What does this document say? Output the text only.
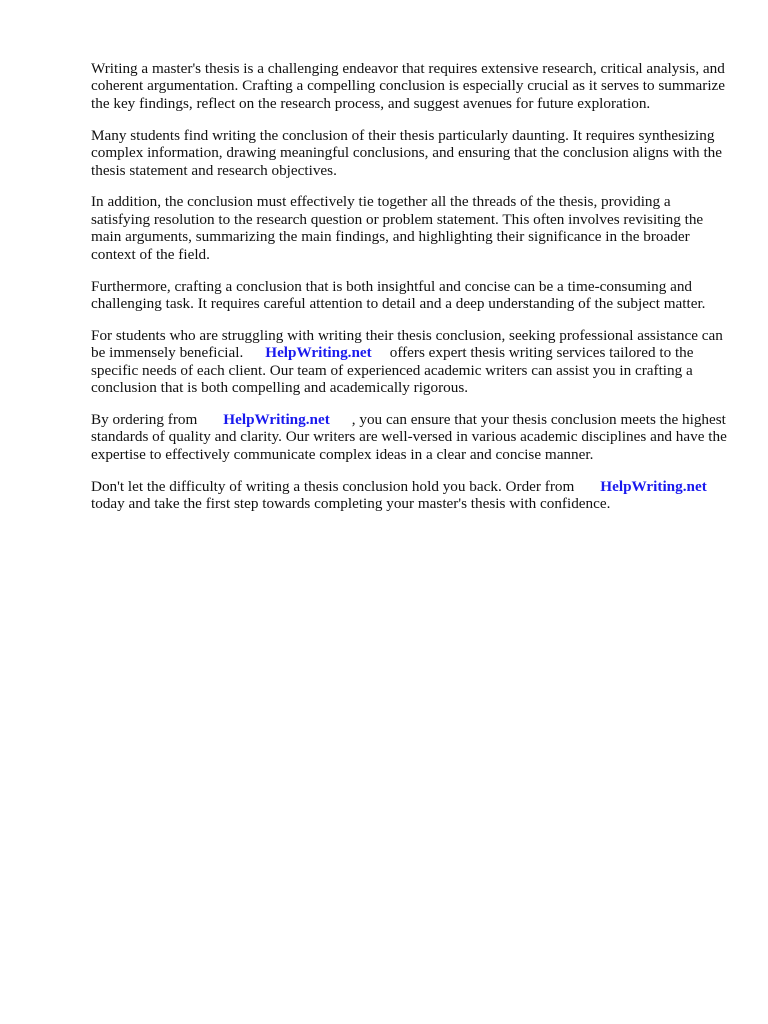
Writing a master's thesis is a challenging endeavor that requires extensive research, critical analysis, and coherent argumentation. Crafting a compelling conclusion is especially crucial as it serves to summarize the key findings, reflect on the research process, and suggest avenues for future exploration.

Many students find writing the conclusion of their thesis particularly daunting. It requires synthesizing complex information, drawing meaningful conclusions, and ensuring that the conclusion aligns with the thesis statement and research objectives.

In addition, the conclusion must effectively tie together all the threads of the thesis, providing a satisfying resolution to the research question or problem statement. This often involves revisiting the main arguments, summarizing the main findings, and highlighting their significance in the broader context of the field.

Furthermore, crafting a conclusion that is both insightful and concise can be a time-consuming and challenging task. It requires careful attention to detail and a deep understanding of the subject matter.

For students who are struggling with writing their thesis conclusion, seeking professional assistance can be immensely beneficial. HelpWriting.net offers expert thesis writing services tailored to the specific needs of each client. Our team of experienced academic writers can assist you in crafting a conclusion that is both compelling and academically rigorous.

By ordering from HelpWriting.net , you can ensure that your thesis conclusion meets the highest standards of quality and clarity. Our writers are well-versed in various academic disciplines and have the expertise to effectively communicate complex ideas in a clear and concise manner.

Don't let the difficulty of writing a thesis conclusion hold you back. Order from HelpWriting.nettoday and take the first step towards completing your master's thesis with confidence.
